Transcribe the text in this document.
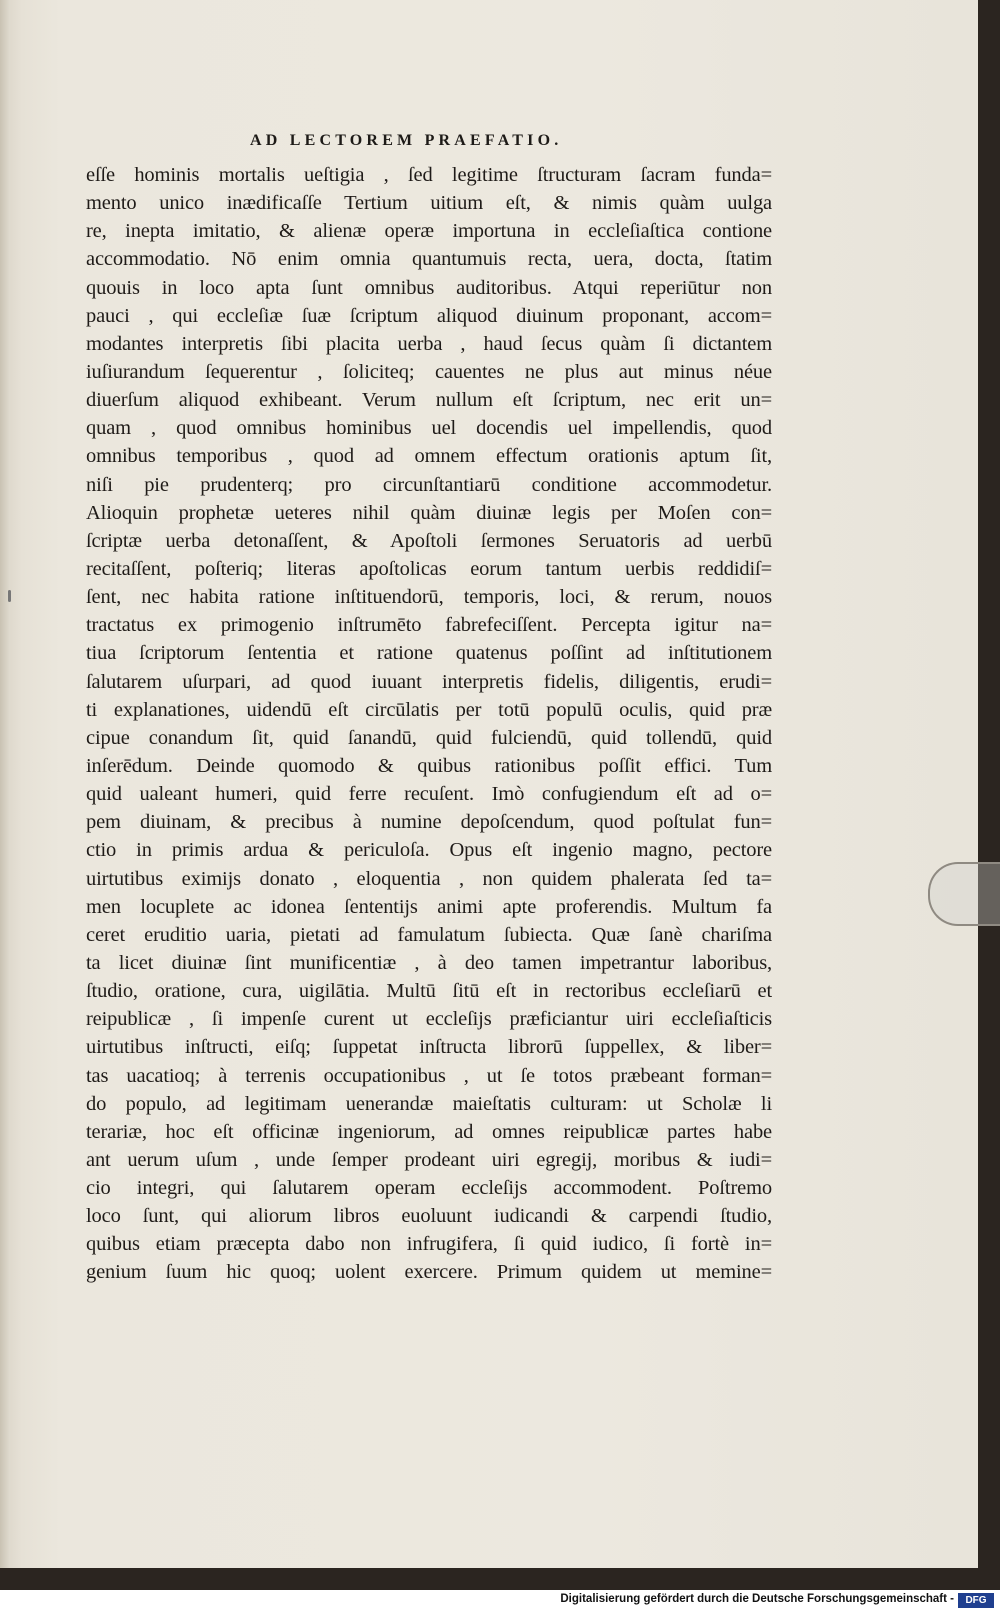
AD LECTOREM PRAEFATIO.
eſſe hominis mortalis ueſtigia , ſed legitime ſtructuram ſacram funda=
mento unico inædificaſſe Tertium uitium eſt, & nimis quàm uulga
re, inepta imitatio, & alienæ operæ importuna in eccleſiaſtica contione
accommodatio. Nō enim omnia quantumuis recta, uera, docta, ſtatim
quouis in loco apta ſunt omnibus auditoribus. Atqui reperiūtur non
pauci , qui eccleſiæ ſuæ ſcriptum aliquod diuinum proponant, accom=
modantes interpretis ſibi placita uerba , haud ſecus quàm ſi dictantem
iuſiurandum ſequerentur , ſoliciteq; cauentes ne plus aut minus néue
diuerſum aliquod exhibeant. Verum nullum eſt ſcriptum, nec erit un=
quam , quod omnibus hominibus uel docendis uel impellendis, quod
omnibus temporibus , quod ad omnem effectum orationis aptum ſit,
niſi pie prudenterq; pro circunſtantiarū conditione accommodetur.
Alioquin prophetæ ueteres nihil quàm diuinæ legis per Moſen con=
ſcriptæ uerba detonaſſent, & Apoſtoli ſermones Seruatoris ad uerbū
recitaſſent, poſteriq; literas apoſtolicas eorum tantum uerbis reddidiſ=
ſent, nec habita ratione inſtituendorū, temporis, loci, & rerum, nouos
tractatus ex primogenio inſtrumēto fabrefeciſſent. Percepta igitur na=
tiua ſcriptorum ſententia et ratione quatenus poſſint ad inſtitutionem
ſalutarem uſurpari, ad quod iuuant interpretis fidelis, diligentis, erudi=
ti explanationes, uidendū eſt circūlatis per totū populū oculis, quid præ
cipue conandum ſit, quid ſanandū, quid fulciendū, quid tollendū, quid
inſerēdum. Deinde quomodo & quibus rationibus poſſit effici. Tum
quid ualeant humeri, quid ferre recuſent. Imò confugiendum eſt ad o=
pem diuinam, & precibus à numine depoſcendum, quod poſtulat fun=
ctio in primis ardua & periculoſa. Opus eſt ingenio magno, pectore
uirtutibus eximijs donato , eloquentia , non quidem phalerata ſed ta=
men locuplete ac idonea ſententijs animi apte proferendis. Multum fa
ceret eruditio uaria, pietati ad famulatum ſubiecta. Quæ ſanè chariſma
ta licet diuinæ ſint munificentiæ , à deo tamen impetrantur laboribus,
ſtudio, oratione, cura, uigilātia. Multū ſitū eſt in rectoribus eccleſiarū et
reipublicæ , ſi impenſe curent ut eccleſijs præficiantur uiri eccleſiaſticis
uirtutibus inſtructi, eiſq; ſuppetat inſtructa librorū ſuppellex, & liber=
tas uacatioq; à terrenis occupationibus , ut ſe totos præbeant forman=
do populo, ad legitimam uenerandæ maieſtatis culturam: ut Scholæ li
terariæ, hoc eſt officinæ ingeniorum, ad omnes reipublicæ partes habe
ant uerum uſum , unde ſemper prodeant uiri egregij, moribus & iudi=
cio integri, qui ſalutarem operam eccleſijs accommodent. Poſtremo
loco ſunt, qui aliorum libros euoluunt iudicandi & carpendi ſtudio,
quibus etiam præcepta dabo non infrugifera, ſi quid iudico, ſi fortè in=
genium ſuum hic quoq; uolent exercere. Primum quidem ut memine=
Digitalisierung gefördert durch die Deutsche Forschungsgemeinschaft -	DFG
